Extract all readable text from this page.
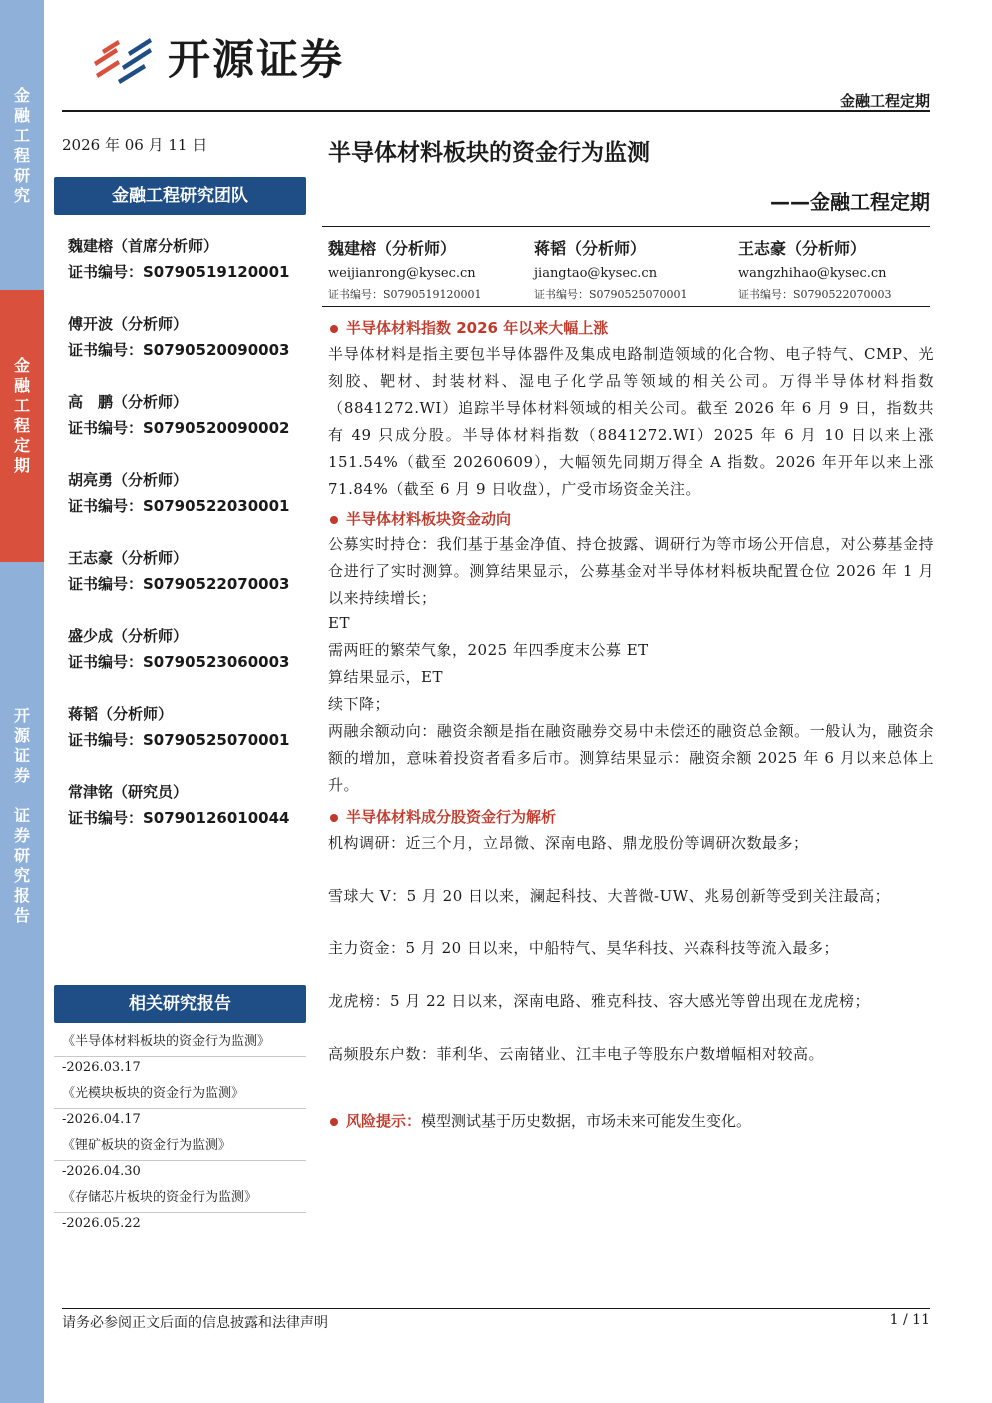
金
融
工
程
研
究
金
融
工
程
定
期
开
源
证
券

证
券
研
究
报
告
开源证券
金融工程定期
2026 年 06 月 11 日
金融工程研究团队
魏建榕（首席分析师）
证书编号：S0790519120001
傅开波（分析师）
证书编号：S0790520090003
高　鹏（分析师）
证书编号：S0790520090002
胡亮勇（分析师）
证书编号：S0790522030001
王志豪（分析师）
证书编号：S0790522070003
盛少成（分析师）
证书编号：S0790523060003
蒋韬（分析师）
证书编号：S0790525070001
常津铭（研究员）
证书编号：S0790126010044
相关研究报告
《半导体材料板块的资金行为监测》
-2026.03.17
《光模块板块的资金行为监测》
-2026.04.17
《锂矿板块的资金行为监测》
-2026.04.30
《存储芯片板块的资金行为监测》
-2026.05.22
半导体材料板块的资金行为监测
——金融工程定期
魏建榕（分析师）
weijianrong@kysec.cn
证书编号：S0790519120001
蒋韬（分析师）
jiangtao@kysec.cn
证书编号：S0790525070001
王志豪（分析师）
wangzhihao@kysec.cn
证书编号：S0790522070003
半导体材料指数 2026 年以来大幅上涨
半导体材料是指主要包半导体器件及集成电路制造领域的化合物、电子特气、CMP、光刻胶、靶材、封装材料、湿电子化学品等领域的相关公司。万得半导体材料指数（8841272.WI）追踪半导体材料领域的相关公司。截至 2026 年 6 月 9 日，指数共有 49 只成分股。半导体材料指数（8841272.WI）2025 年 6 月 10 日以来上涨 151.54%（截至 20260609），大幅领先同期万得全 A 指数。2026 年开年以来上涨 71.84%（截至 6 月 9 日收盘），广受市场资金关注。
半导体材料板块资金动向
公募实时持仓：我们基于基金净值、持仓披露、调研行为等市场公开信息，对公募基金持仓进行了实时测算。测算结果显示，公募基金对半导体材料板块配置仓位 2026 年 1 月以来持续增长；
ET
需两旺的繁荣气象，2025 年四季度末公募 ET
算结果显示，ET
续下降；
两融余额动向：融资余额是指在融资融券交易中未偿还的融资总金额。一般认为，融资余额的增加，意味着投资者看多后市。测算结果显示：融资余额 2025 年 6 月以来总体上升。
半导体材料成分股资金行为解析
机构调研：近三个月，立昂微、深南电路、鼎龙股份等调研次数最多；
雪球大 V：5 月 20 日以来，澜起科技、大普微-UW、兆易创新等受到关注最高；
主力资金：5 月 20 日以来，中船特气、昊华科技、兴森科技等流入最多；
龙虎榜：5 月 22 日以来，深南电路、雅克科技、容大感光等曾出现在龙虎榜；
高频股东户数：菲利华、云南锗业、江丰电子等股东户数增幅相对较高。
风险提示：模型测试基于历史数据，市场未来可能发生变化。
请务必参阅正文后面的信息披露和法律声明	1 / 11
